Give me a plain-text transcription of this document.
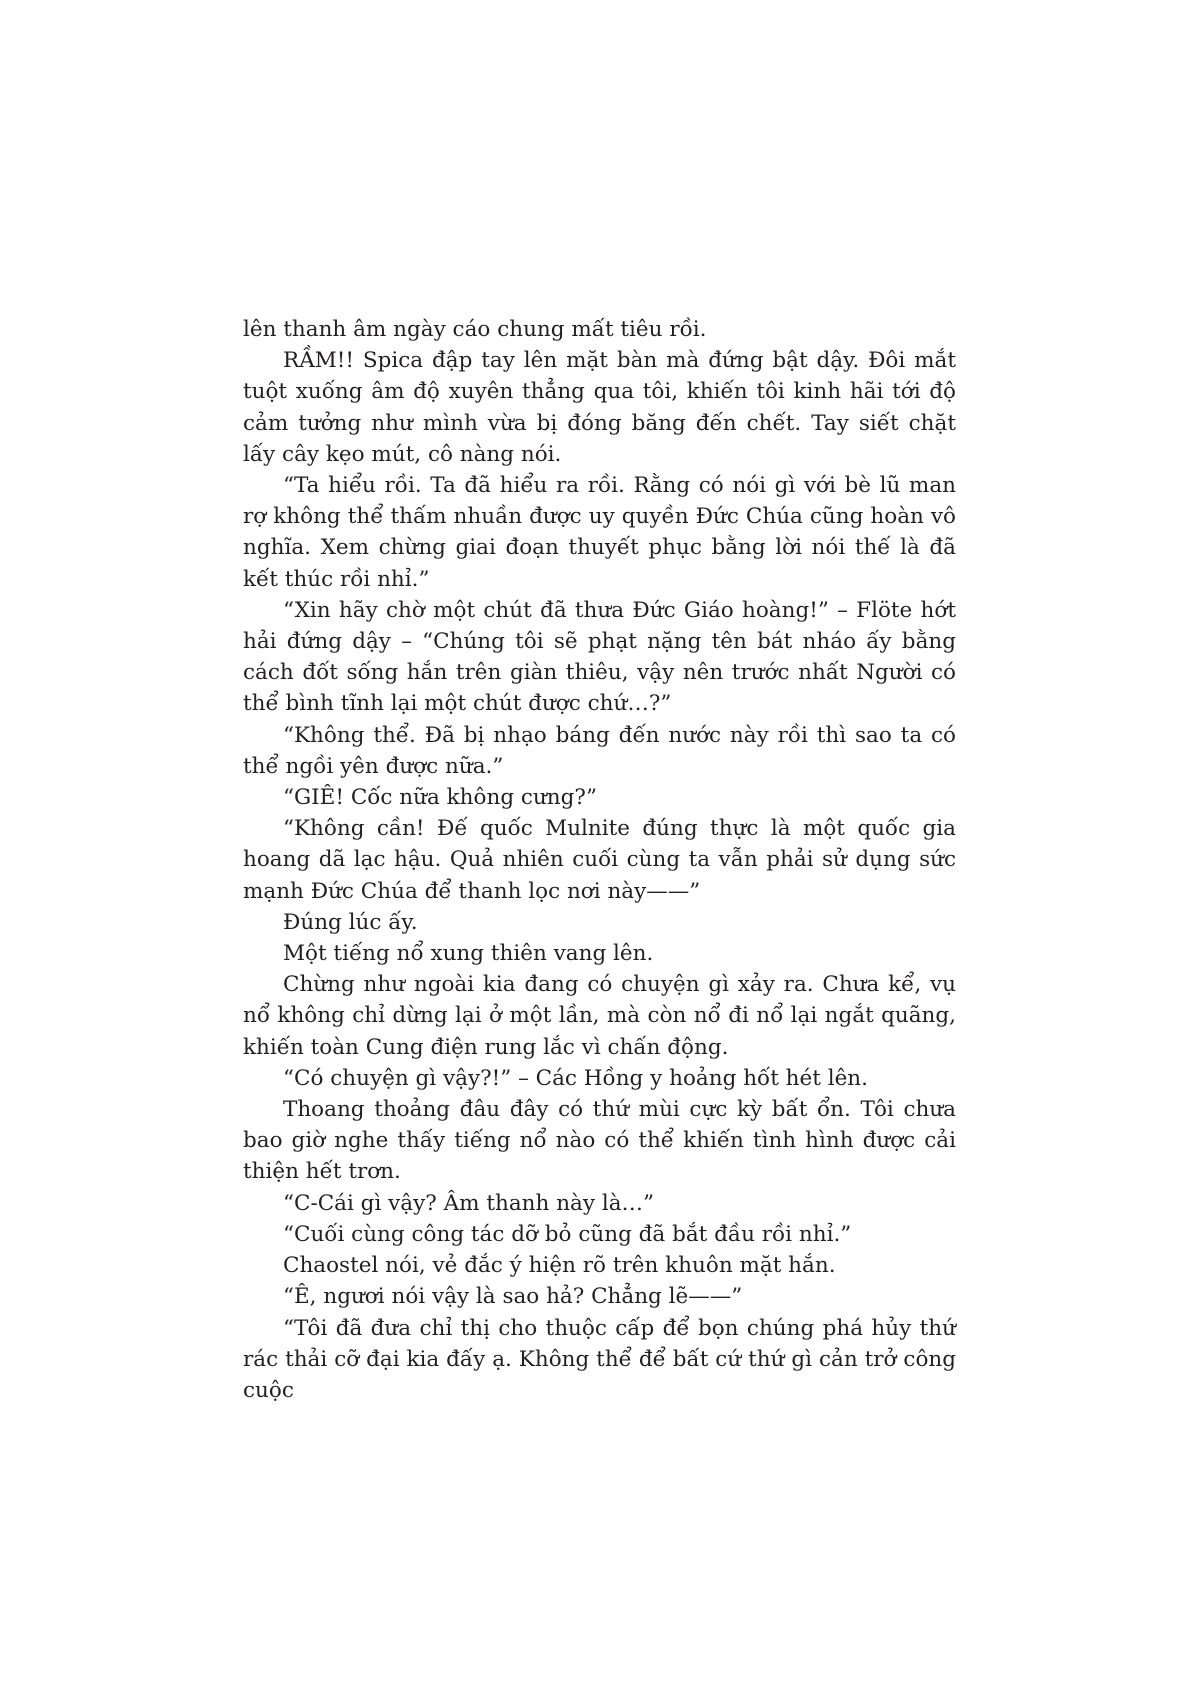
lên thanh âm ngày cáo chung mất tiêu rồi.

RẦM!! Spica đập tay lên mặt bàn mà đứng bật dậy. Đôi mắt tuột xuống âm độ xuyên thẳng qua tôi, khiến tôi kinh hãi tới độ cảm tưởng như mình vừa bị đóng băng đến chết. Tay siết chặt lấy cây kẹo mút, cô nàng nói.

“Ta hiểu rồi. Ta đã hiểu ra rồi. Rằng có nói gì với bè lũ man rợ không thể thấm nhuần được uy quyền Đức Chúa cũng hoàn vô nghĩa. Xem chừng giai đoạn thuyết phục bằng lời nói thế là đã kết thúc rồi nhỉ.”

“Xin hãy chờ một chút đã thưa Đức Giáo hoàng!” – Flöte hớt hải đứng dậy – “Chúng tôi sẽ phạt nặng tên bát nháo ấy bằng cách đốt sống hắn trên giàn thiêu, vậy nên trước nhất Người có thể bình tĩnh lại một chút được chứ…?”

“Không thể. Đã bị nhạo báng đến nước này rồi thì sao ta có thể ngồi yên được nữa.”

“GIÊ! Cốc nữa không cưng?”

“Không cần! Đế quốc Mulnite đúng thực là một quốc gia hoang dã lạc hậu. Quả nhiên cuối cùng ta vẫn phải sử dụng sức mạnh Đức Chúa để thanh lọc nơi này——”

Đúng lúc ấy.

Một tiếng nổ xung thiên vang lên.

Chừng như ngoài kia đang có chuyện gì xảy ra. Chưa kể, vụ nổ không chỉ dừng lại ở một lần, mà còn nổ đi nổ lại ngắt quãng, khiến toàn Cung điện rung lắc vì chấn động.

“Có chuyện gì vậy?!” – Các Hồng y hoảng hốt hét lên.

Thoang thoảng đâu đây có thứ mùi cực kỳ bất ổn. Tôi chưa bao giờ nghe thấy tiếng nổ nào có thể khiến tình hình được cải thiện hết trơn.

“C-Cái gì vậy? Âm thanh này là…”

“Cuối cùng công tác dỡ bỏ cũng đã bắt đầu rồi nhỉ.”

Chaostel nói, vẻ đắc ý hiện rõ trên khuôn mặt hắn.

“Ê, ngươi nói vậy là sao hả? Chẳng lẽ——”

“Tôi đã đưa chỉ thị cho thuộc cấp để bọn chúng phá hủy thứ rác thải cỡ đại kia đấy ạ. Không thể để bất cứ thứ gì cản trở công cuộc
